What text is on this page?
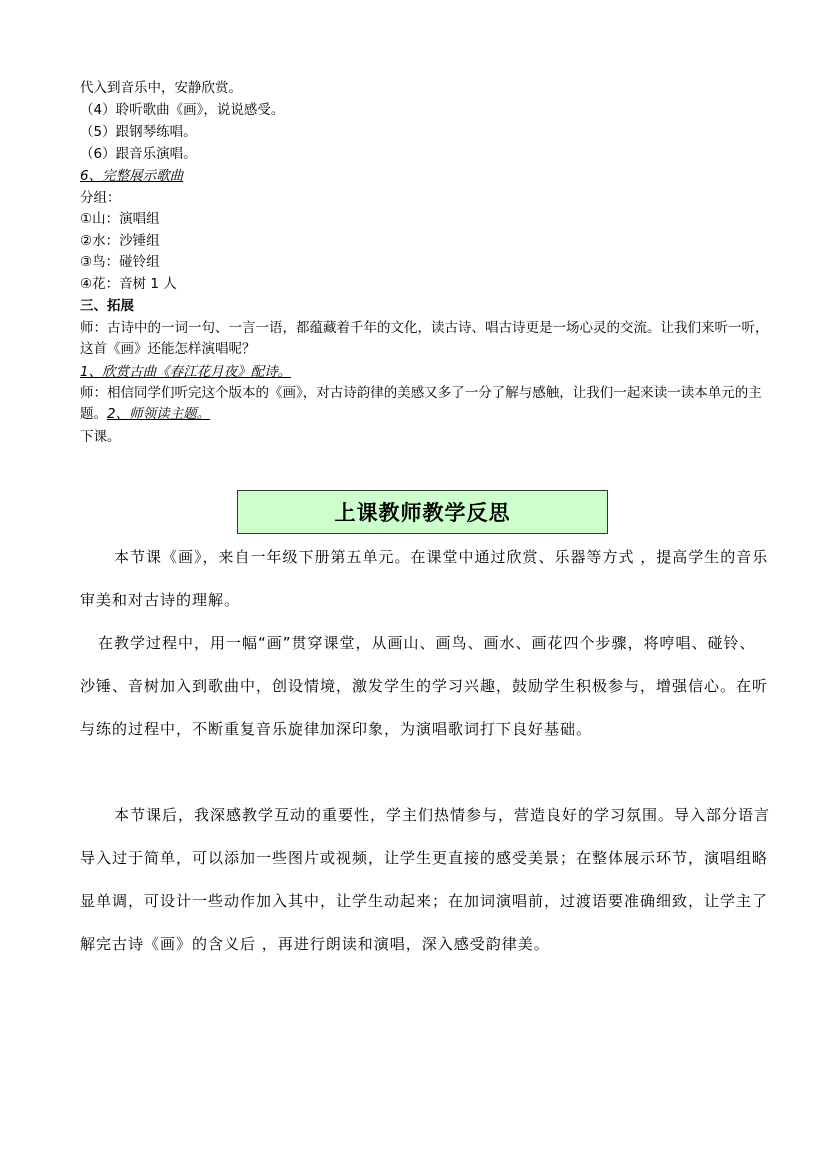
代入到音乐中，安静欣赏。
（4）聆听歌曲《画》，说说感受。
（5）跟钢琴练唱。
（6）跟音乐演唱。
6、完整展示歌曲
分组：
①山：演唱组
②水：沙锤组
③鸟：碰铃组
④花：音树 1 人
三、拓展
师：古诗中的一词一句、一言一语，都蕴藏着千年的文化，读古诗、唱古诗更是一场心灵的交流。让我们来听一听，这首《画》还能怎样演唱呢？
1、欣赏古曲《春江花月夜》配诗。
师：相信同学们听完这个版本的《画》，对古诗韵律的美感又多了一分了解与感触，让我们一起来读一读本单元的主题。2、师领读主题。
下课。
上课教师教学反思
本节课《画》，来自一年级下册第五单元。在课堂中通过欣赏、乐器等方式 ，提高学生的音乐审美和对古诗的理解。
在教学过程中，用一幅“画”贯穿课堂，从画山、画鸟、画水、画花四个步骤，将哼唱、碰铃、沙锤、音树加入到歌曲中，创设情境，激发学生的学习兴趣，鼓励学生积极参与，增强信心。在听与练的过程中，不断重复音乐旋律加深印象，为演唱歌词打下良好基础。
本节课后，我深感教学互动的重要性，学主们热情参与，营造良好的学习氛围。导入部分语言导入过于简单，可以添加一些图片或视频，让学生更直接的感受美景；在整体展示环节，演唱组略显单调，可设计一些动作加入其中，让学生动起来；在加词演唱前，过渡语要准确细致，让学主了解完古诗《画》的含义后 ，再进行朗读和演唱，深入感受韵律美。
